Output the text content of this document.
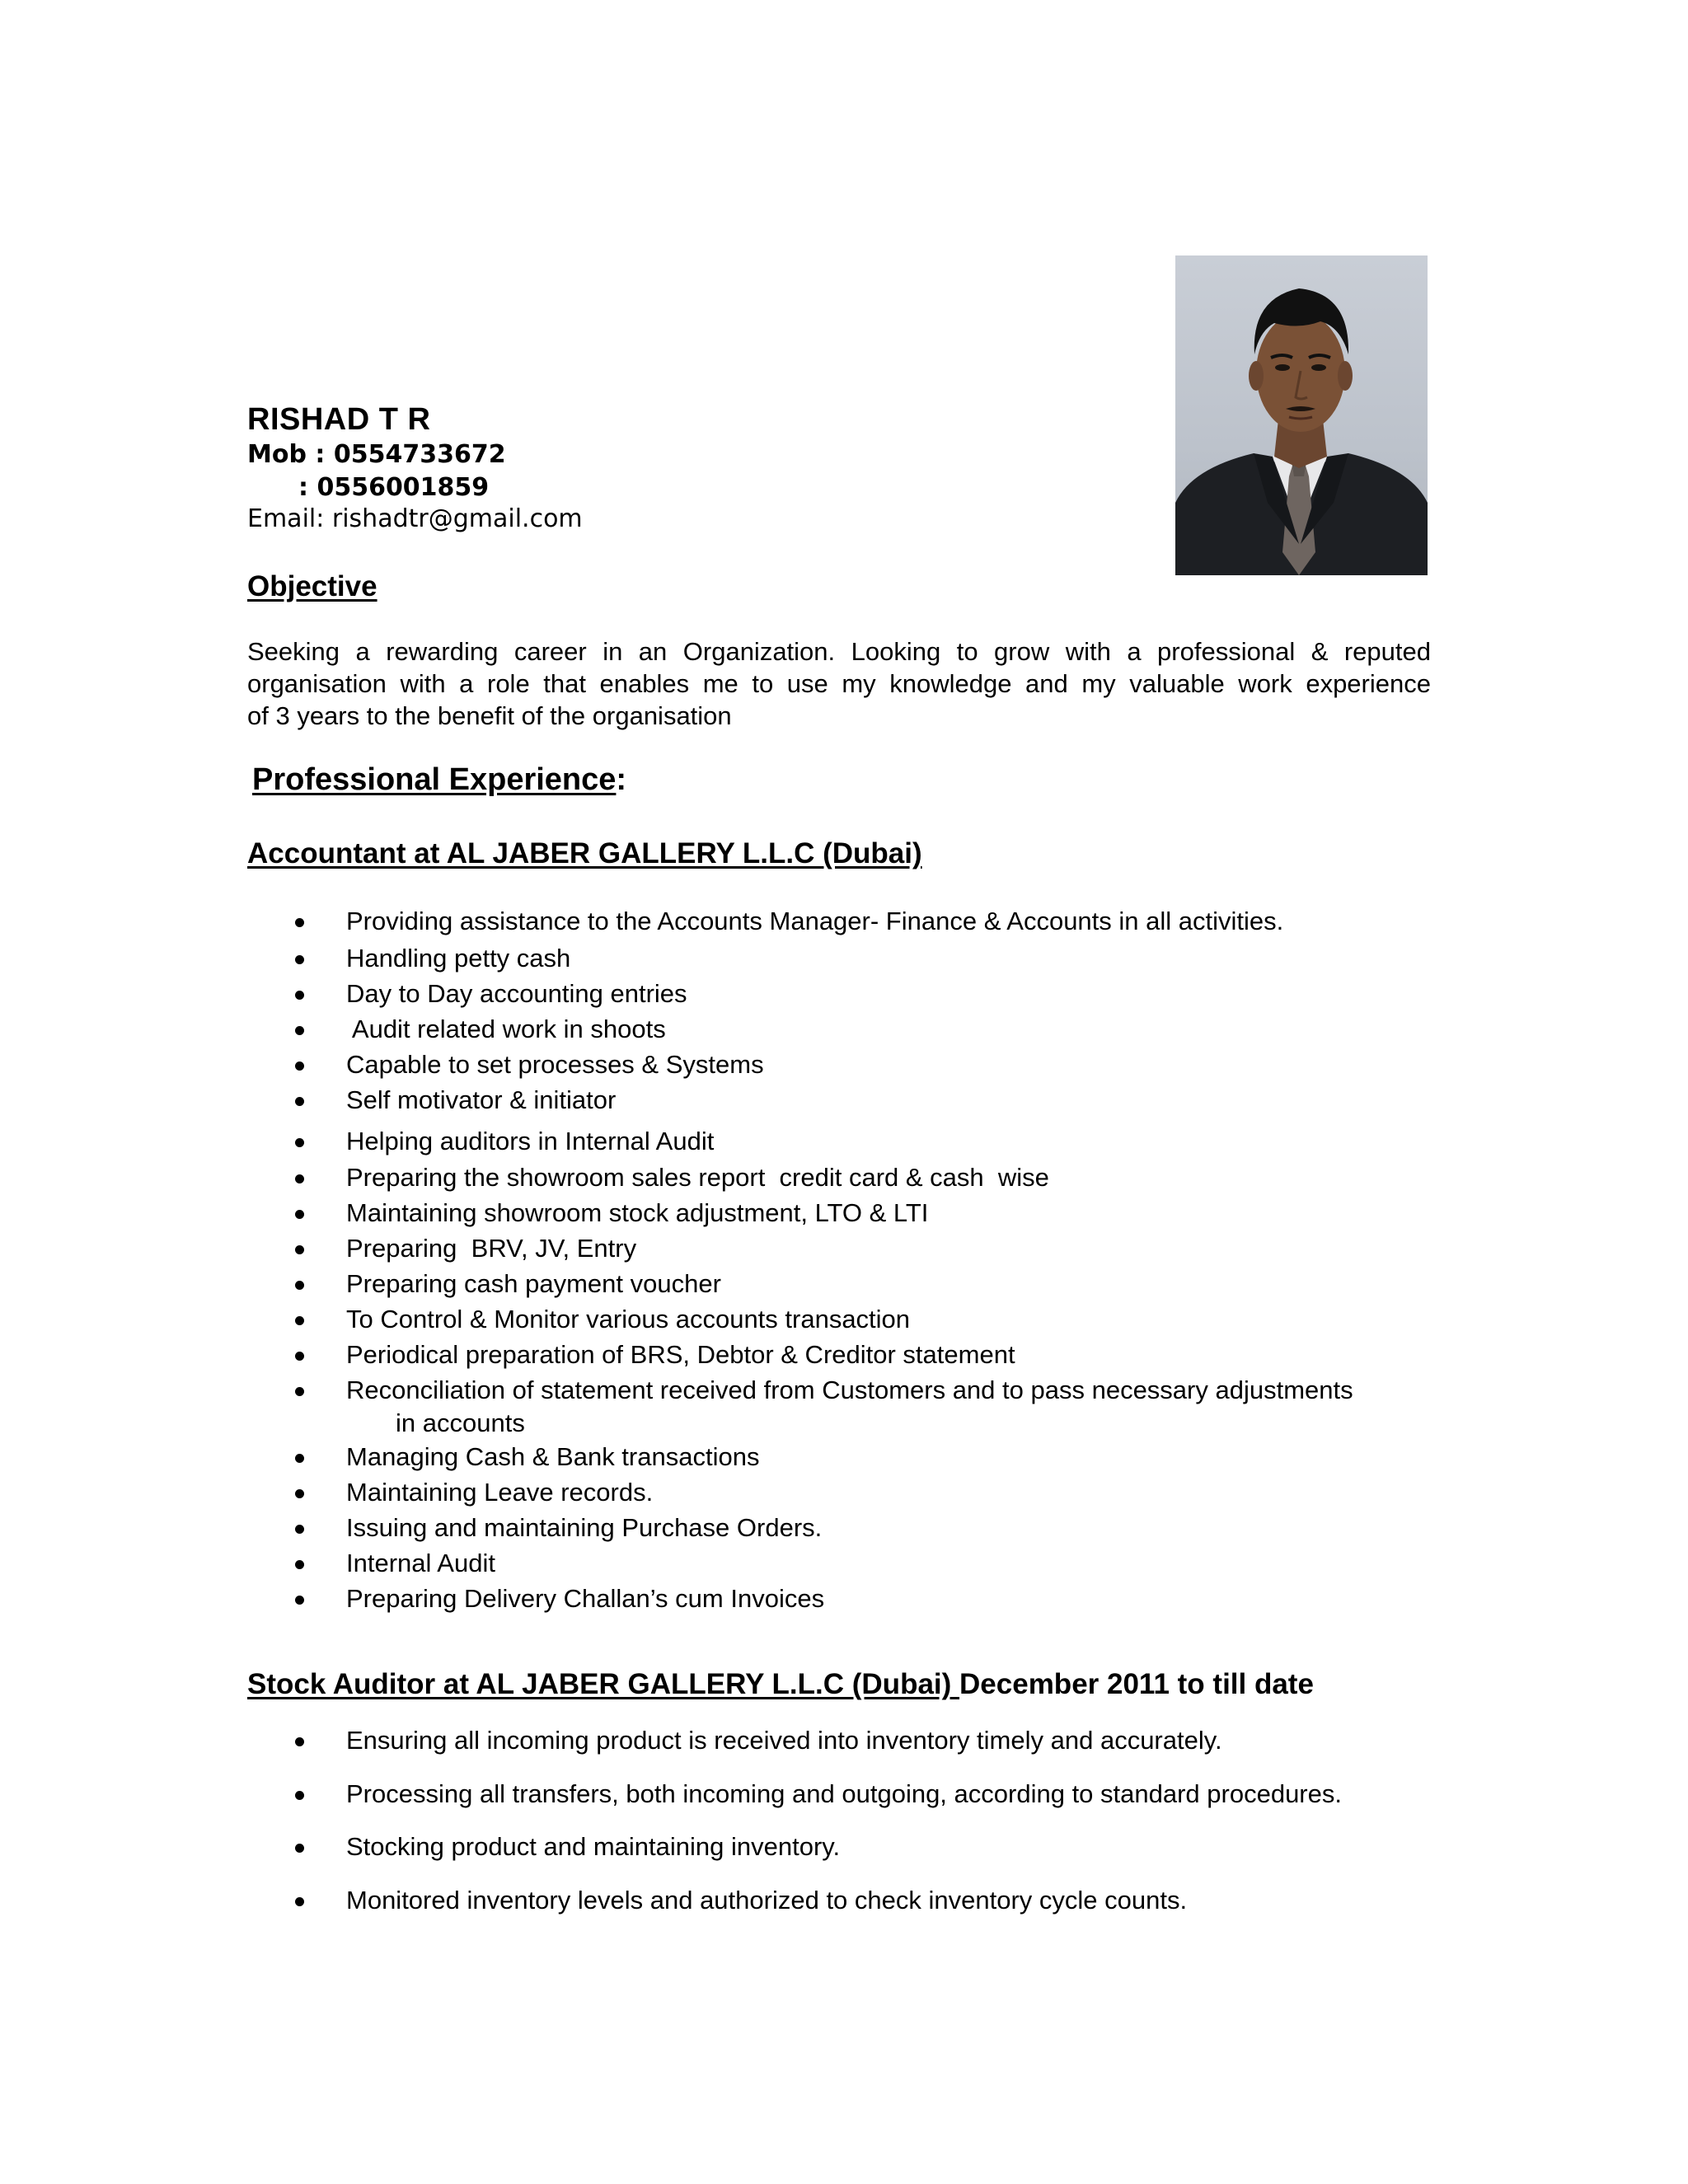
RISHAD T R
Mob : 0554733672
: 0556001859
Email: rishadtr@gmail.com
Objective
Seeking a rewarding career in an Organization. Looking to grow with a professional & reputed
organisation with a role that enables me to use my knowledge and my valuable work experience
of 3 years to the benefit of the organisation
Professional Experience:
Accountant at AL JABER GALLERY L.L.C (Dubai)
Providing assistance to the Accounts Manager- Finance & Accounts in all activities.
Handling petty cash
Day to Day accounting entries
Audit related work in shoots
Capable to set processes & Systems
Self motivator & initiator
Helping auditors in Internal Audit
Preparing the showroom sales report  credit card & cash  wise
Maintaining showroom stock adjustment, LTO & LTI
Preparing  BRV, JV, Entry
Preparing cash payment voucher
To Control & Monitor various accounts transaction
Periodical preparation of BRS, Debtor & Creditor statement
Reconciliation of statement received from Customers and to pass necessary adjustments
in accounts
Managing Cash & Bank transactions
Maintaining Leave records.
Issuing and maintaining Purchase Orders.
Internal Audit
Preparing Delivery Challan’s cum Invoices
Stock Auditor at AL JABER GALLERY L.L.C (Dubai) December 2011 to till date
Ensuring all incoming product is received into inventory timely and accurately.
Processing all transfers, both incoming and outgoing, according to standard procedures.
Stocking product and maintaining inventory.
Monitored inventory levels and authorized to check inventory cycle counts.
